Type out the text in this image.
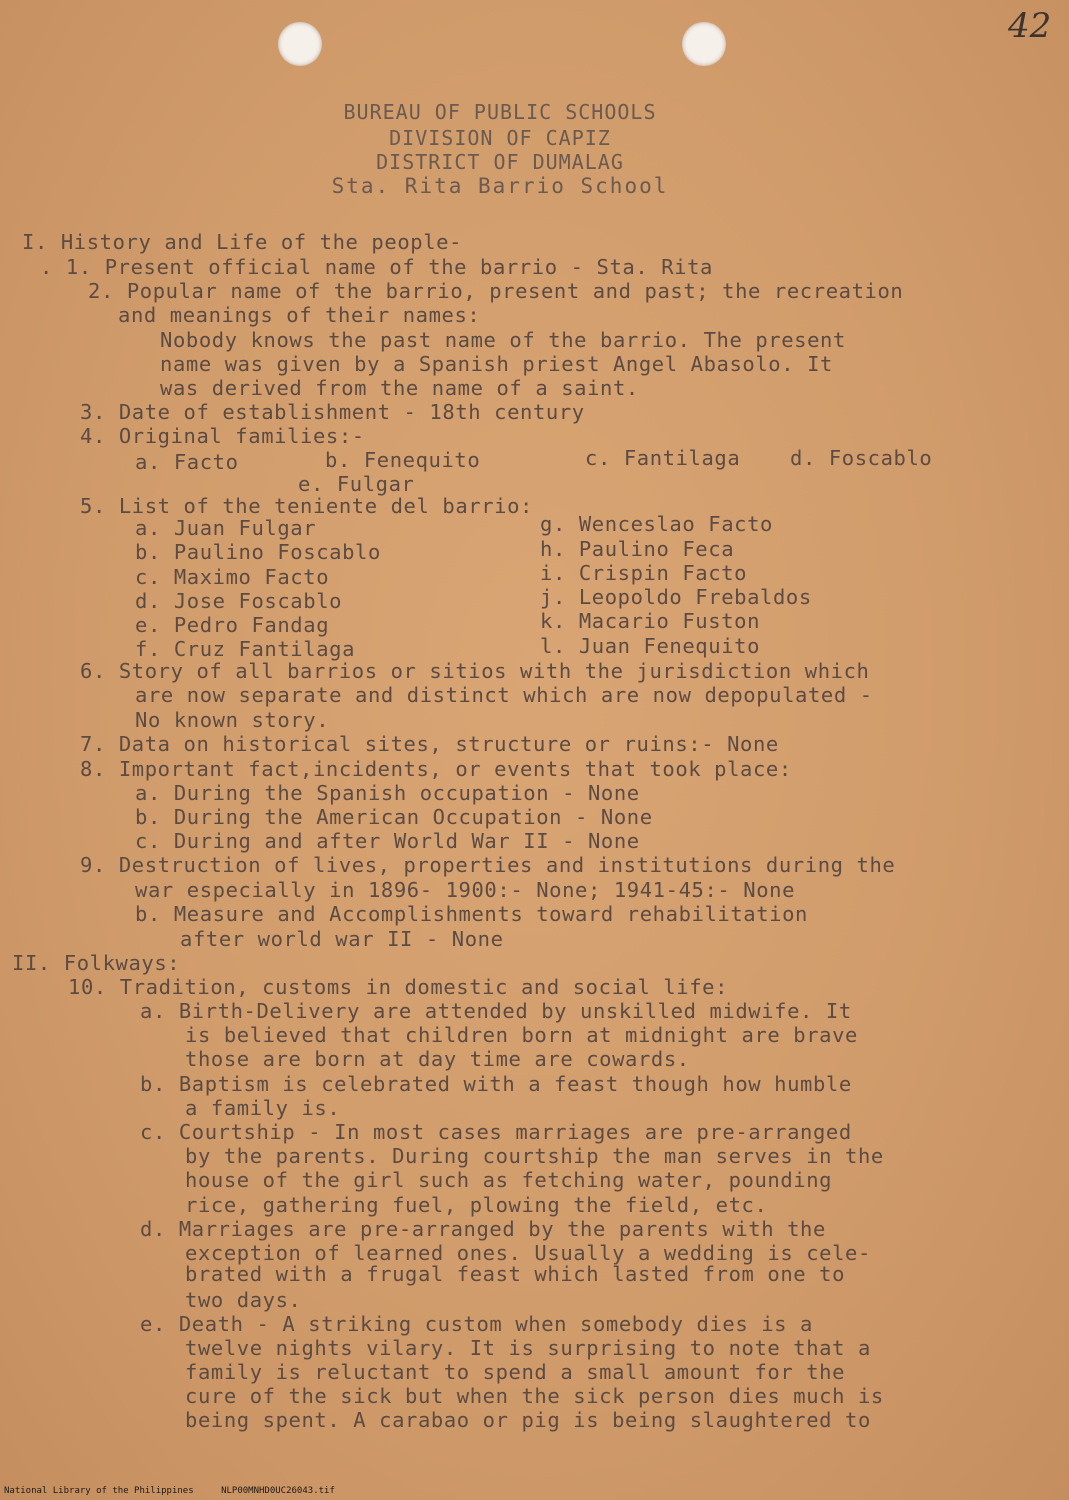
42
BUREAU OF PUBLIC SCHOOLS
DIVISION OF CAPIZ
DISTRICT OF DUMALAG
Sta. Rita Barrio School
I. History and Life of the people-
. 1. Present official name of the barrio - Sta. Rita
2. Popular name of the barrio, present and past; the recreation
and meanings of their names:
Nobody knows the past name of the barrio. The present
name was given by a Spanish priest Angel Abasolo. It
was derived from the name of a saint.
3. Date of establishment - 18th century
4. Original families:-
a. Facto	b. Fenequito	c. Fantilaga d. Foscablo
e. Fulgar
5. List of the teniente del barrio:
a. Juan Fulgar	g. Wenceslao Facto
b. Paulino Foscablo	h. Paulino Feca
c. Maximo Facto	i. Crispin Facto
d. Jose Foscablo	j. Leopoldo Frebaldos
e. Pedro Fandag	k. Macario Fuston
f. Cruz Fantilaga	l. Juan Fenequito
6. Story of all barrios or sitios with the jurisdiction which
are now separate and distinct which are now depopulated -
No known story.
7. Data on historical sites, structure or ruins:- None
8. Important fact,incidents, or events that took place:
a. During the Spanish occupation - None
b. During the American Occupation - None
c. During and after World War II - None
9. Destruction of lives, properties and institutions during the
war especially in 1896- 1900:- None; 1941-45:- None
b. Measure and Accomplishments toward rehabilitation
after world war II - None
II. Folkways:
10. Tradition, customs in domestic and social life:
a. Birth-Delivery are attended by unskilled midwife. It
is believed that children born at midnight are brave
those are born at day time are cowards.
b. Baptism is celebrated with a feast though how humble
a family is.
c. Courtship - In most cases marriages are pre-arranged
by the parents. During courtship the man serves in the
house of the girl such as fetching water, pounding
rice, gathering fuel, plowing the field, etc.
d. Marriages are pre-arranged by the parents with the
exception of learned ones. Usually a wedding is cele-
brated with a frugal feast which lasted from one to
two days.
e. Death - A striking custom when somebody dies is a
twelve nights vilary. It is surprising to note that a
family is reluctant to spend a small amount for the
cure of the sick but when the sick person dies much is
being spent. A carabao or pig is being slaughtered to
National Library of the Philippines	NLP00MNHD0UC26043.tif
